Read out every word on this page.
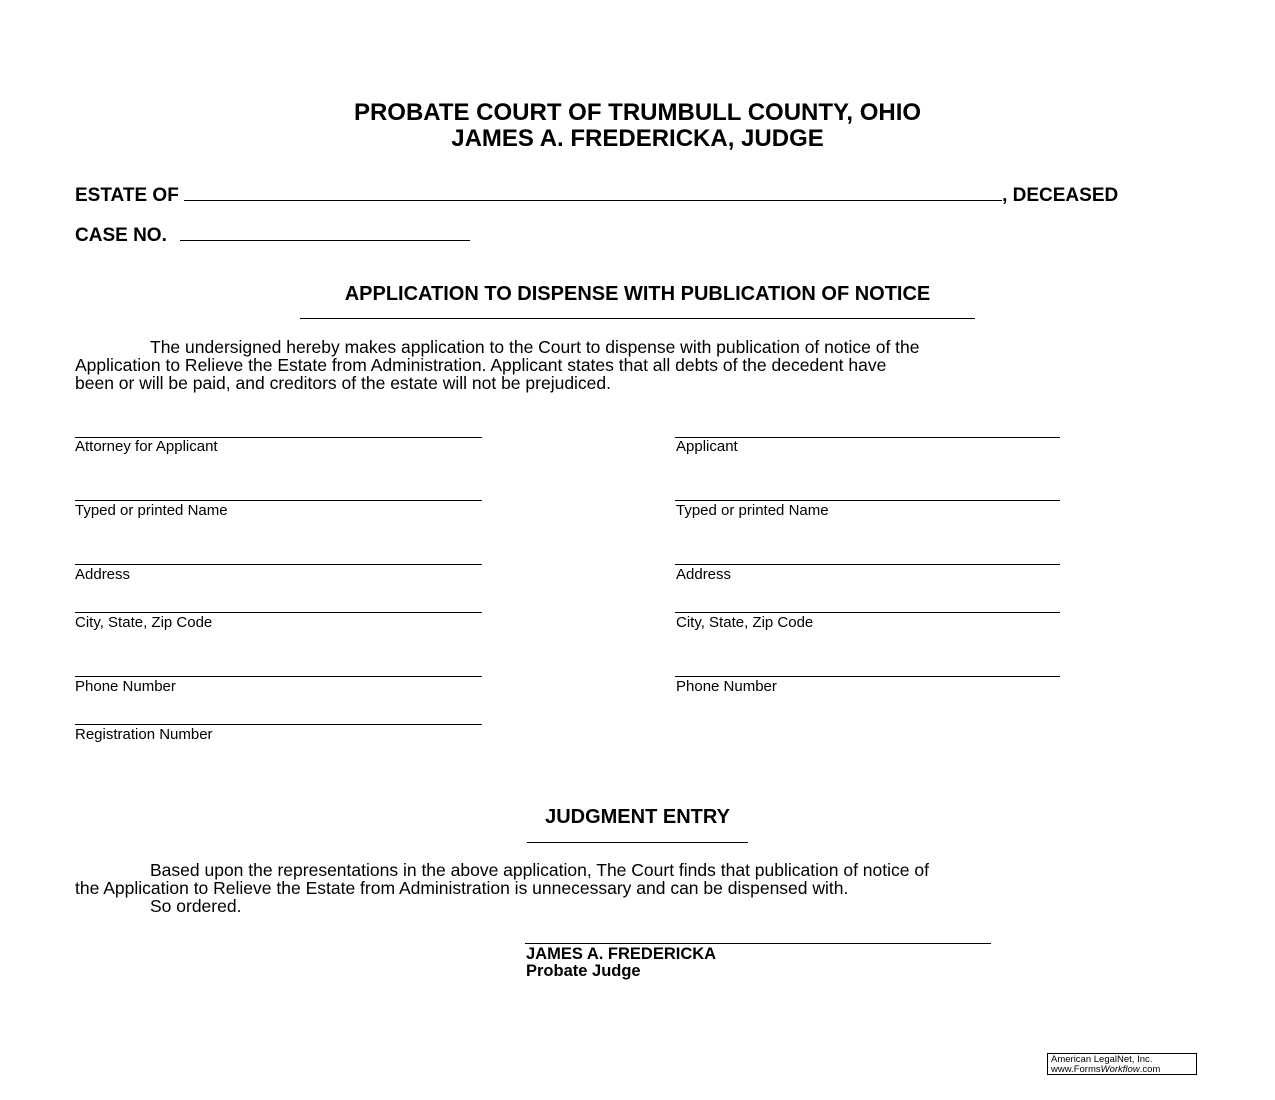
PROBATE COURT OF TRUMBULL COUNTY, OHIO
JAMES A. FREDERICKA, JUDGE
ESTATE OF	, DECEASED
CASE NO.
APPLICATION TO DISPENSE WITH PUBLICATION OF NOTICE
The undersigned hereby makes application to the Court to dispense with publication of notice of the
Application to Relieve the Estate from Administration. Applicant states that all debts of the decedent have
been or will be paid, and creditors of the estate will not be prejudiced.
Attorney for Applicant
Typed or printed Name
Address
City, State, Zip Code
Phone Number
Registration Number
Applicant
Typed or printed Name
Address
City, State, Zip Code
Phone Number
JUDGMENT ENTRY
Based upon the representations in the above application, The Court finds that publication of notice of
the Application to Relieve the Estate from Administration is unnecessary and can be dispensed with.
So ordered.
JAMES A. FREDERICKA
Probate Judge
American LegalNet, Inc.
www.FormsWorkflow.com
